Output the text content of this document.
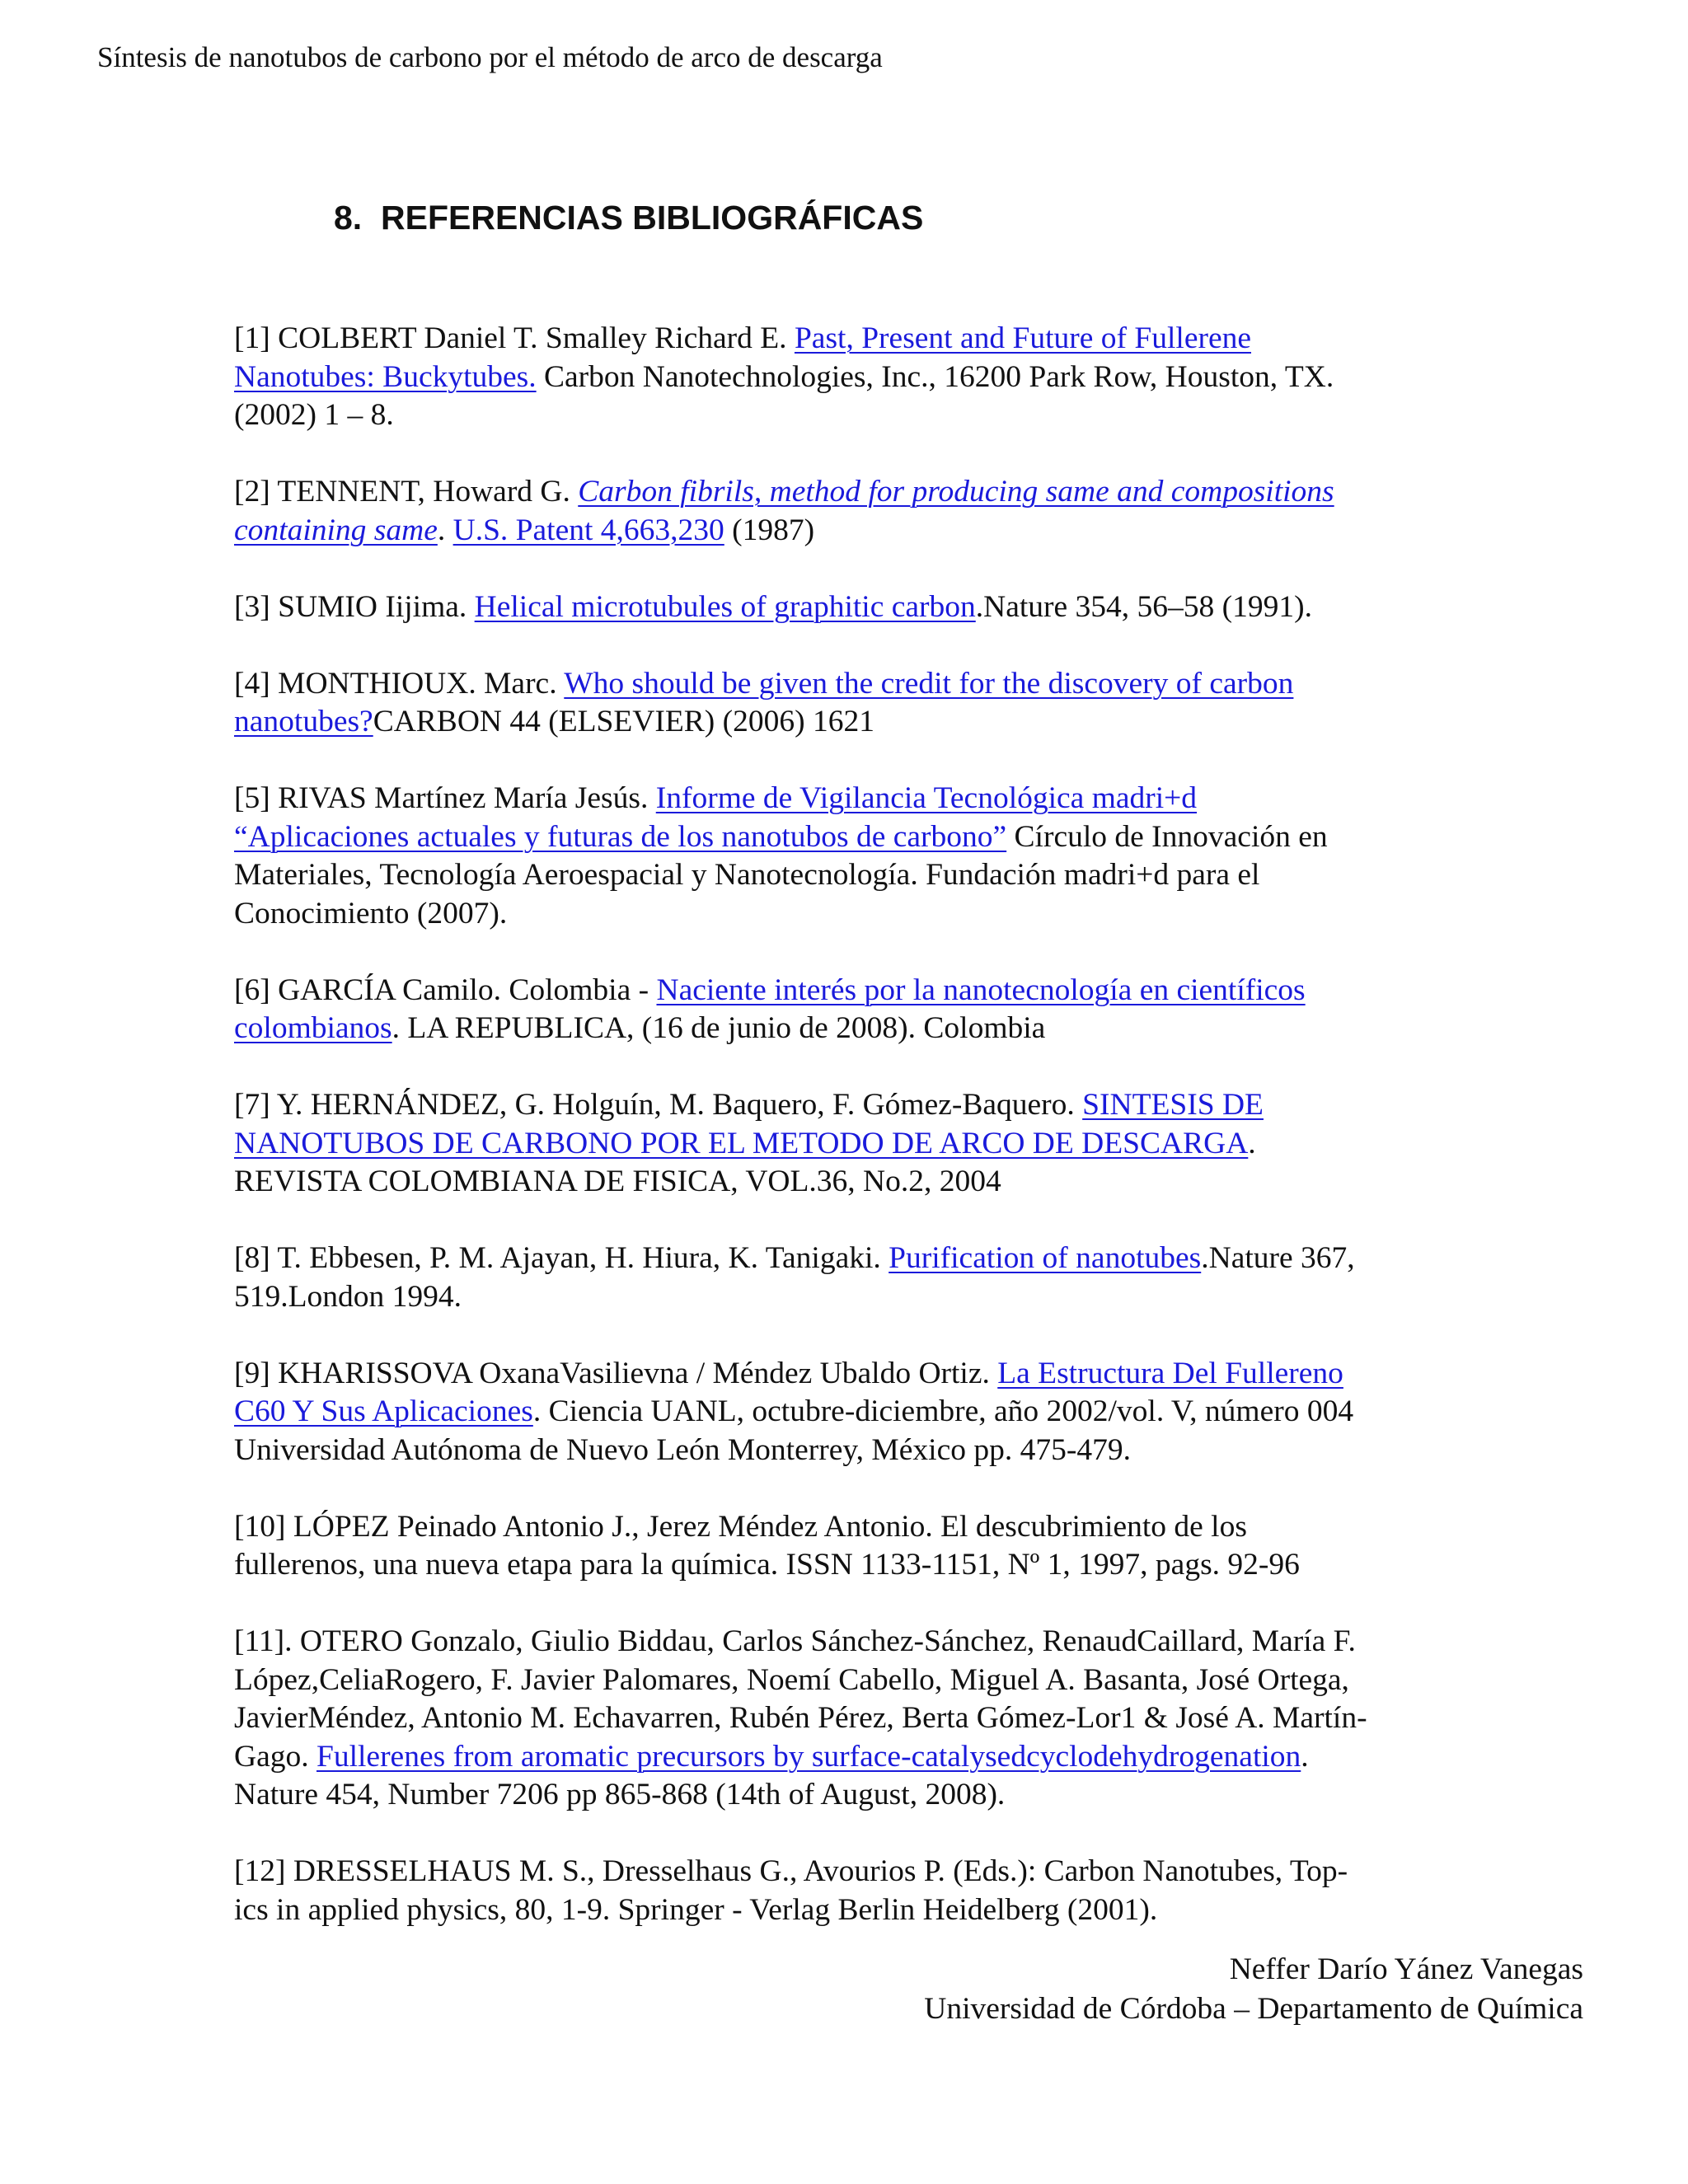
Síntesis de nanotubos de carbono por el método de arco de descarga
8. REFERENCIAS BIBLIOGRÁFICAS
[1] COLBERT Daniel T. Smalley Richard E. Past, Present and Future of Fullerene
Nanotubes: Buckytubes. Carbon Nanotechnologies, Inc., 16200 Park Row, Houston, TX.
(2002) 1 – 8.
[2] TENNENT, Howard G. Carbon fibrils, method for producing same and compositions
containing same. U.S. Patent 4,663,230 (1987)
[3] SUMIO Iijima. Helical microtubules of graphitic carbon.Nature 354, 56–58 (1991).
[4] MONTHIOUX. Marc. Who should be given the credit for the discovery of carbon
nanotubes?CARBON 44 (ELSEVIER) (2006) 1621
[5] RIVAS Martínez María Jesús. Informe de Vigilancia Tecnológica madri+d
“Aplicaciones actuales y futuras de los nanotubos de carbono” Círculo de Innovación en
Materiales, Tecnología Aeroespacial y Nanotecnología. Fundación madri+d para el
Conocimiento (2007).
[6] GARCÍA Camilo. Colombia - Naciente interés por la nanotecnología en científicos
colombianos. LA REPUBLICA, (16 de junio de 2008). Colombia
[7] Y. HERNÁNDEZ, G. Holguín, M. Baquero, F. Gómez-Baquero. SINTESIS DE
NANOTUBOS DE CARBONO POR EL METODO DE ARCO DE DESCARGA.
REVISTA COLOMBIANA DE FISICA, VOL.36, No.2, 2004
[8] T. Ebbesen, P. M. Ajayan, H. Hiura, K. Tanigaki. Purification of nanotubes.Nature 367,
519.London 1994.
[9] KHARISSOVA OxanaVasilievna / Méndez Ubaldo Ortiz. La Estructura Del Fullereno
C60 Y Sus Aplicaciones. Ciencia UANL, octubre-diciembre, año 2002/vol. V, número 004
Universidad Autónoma de Nuevo León Monterrey, México pp. 475-479.
[10] LÓPEZ Peinado Antonio J., Jerez Méndez Antonio. El descubrimiento de los
fullerenos, una nueva etapa para la química. ISSN 1133-1151, Nº 1, 1997, pags. 92-96
[11]. OTERO Gonzalo, Giulio Biddau, Carlos Sánchez-Sánchez, RenaudCaillard, María F.
López,CeliaRogero, F. Javier Palomares, Noemí Cabello, Miguel A. Basanta, José Ortega,
JavierMéndez, Antonio M. Echavarren, Rubén Pérez, Berta Gómez-Lor1 & José A. Martín-
Gago. Fullerenes from aromatic precursors by surface-catalysedcyclodehydrogenation.
Nature 454, Number 7206 pp 865-868 (14th of August, 2008).
[12] DRESSELHAUS M. S., Dresselhaus G., Avourios P. (Eds.): Carbon Nanotubes, Top-
ics in applied physics, 80, 1-9. Springer - Verlag Berlin Heidelberg (2001).
Neffer Darío Yánez Vanegas
Universidad de Córdoba – Departamento de Química
